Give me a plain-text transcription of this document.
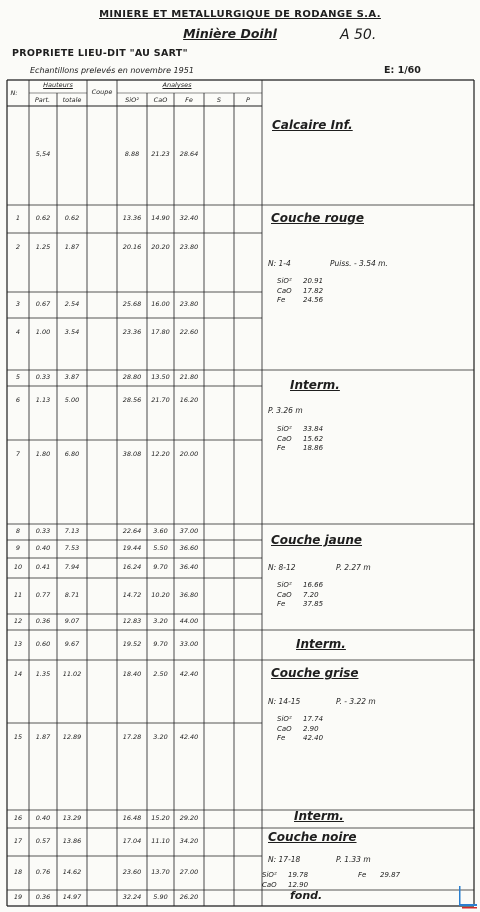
MINIERE ET METALLURGIQUE DE RODANGE S.A.
Minière Doihl	A 50.
PROPRIETE LIEU-DIT "AU SART"
Echantillons prelevés en novembre 1951	E: 1/60
N:
Hauteurs
Part.	totale
Coupe
Analyses
SiO²	CaO	Fe	S	P
5,54	8.88	21.23	28.64
1	0.62	0.62	13.36	14.90	32.40
2	1.25	1.87	20.16	20.20	23.80
3	0.67	2.54	25.68	16.00	23.80
4	1.00	3.54	23.36	17.80	22.60
5	0.33	3.87	28.80	13.50	21.80
6	1.13	5.00	28.56	21.70	16.20
7	1.80	6.80	38.08	12.20	20.00
8	0.33	7.13	22.64	3.60	37.00
9	0.40	7.53	19.44	5.50	36.60
10	0.41	7.94	16.24	9.70	36.40
11	0.77	8.71	14.72	10.20	36.80
12	0.36	9.07	12.83	3.20	44.00
13	0.60	9.67	19.52	9.70	33.00
14	1.35	11.02	18.40	2.50	42.40
15	1.87	12.89	17.28	3.20	42.40
16	0.40	13.29	16.48	15.20	29.20
17	0.57	13.86	17.04	11.10	34.20
18	0.76	14.62	23.60	13.70	27.00
19	0.36	14.97	32.24	5.90	26.20
Calcaire Inf.
Couche rouge
N: 1-4	Puiss. - 3.54 m.
SiO² 20.91
CaO 17.82
Fe	24.56
Interm.
P. 3.26 m
SiO² 33.84
CaO 15.62
Fe	18.86
Couche jaune
N: 8-12	P. 2.27 m
SiO² 16.66
CaO 7.20
Fe	37.85
Interm.
Couche grise
N: 14-15	P. - 3.22 m
SiO² 17.74
CaO 2.90
Fe	42.40
Interm.
Couche noire
N: 17-18	P. 1.33 m
SiO² 19.78	Fe 29.87
CaO 12.90
fond.
